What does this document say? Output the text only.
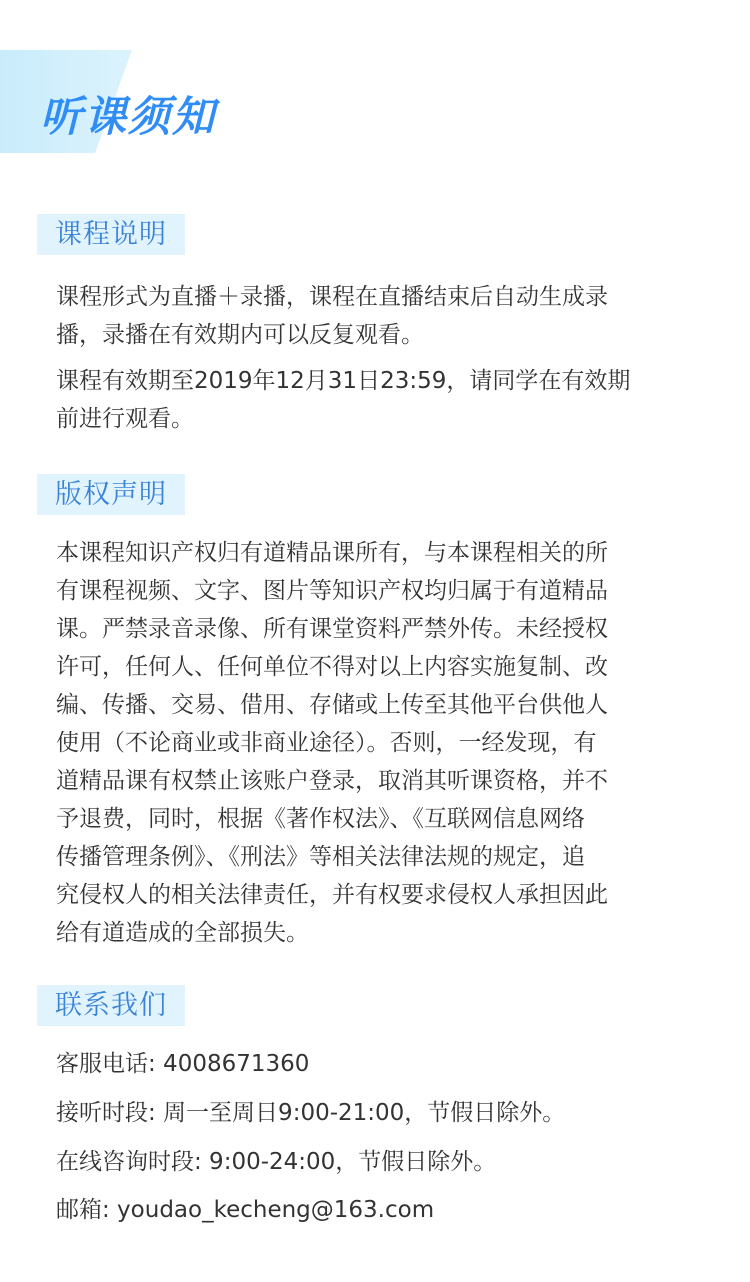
听课须知
课程说明

课程形式为直播＋录播，课程在直播结束后自动生成录
播，录播在有效期内可以反复观看。

课程有效期至2019年12月31日23:59，请同学在有效期
前进行观看。

版权声明

本课程知识产权归有道精品课所有，与本课程相关的所
有课程视频、文字、图片等知识产权均归属于有道精品
课。严禁录音录像、所有课堂资料严禁外传。未经授权
许可，任何人、任何单位不得对以上内容实施复制、改
编、传播、交易、借用、存储或上传至其他平台供他人
使用（不论商业或非商业途径）。否则，一经发现，有
道精品课有权禁止该账户登录，取消其听课资格，并不
予退费，同时，根据《著作权法》、《互联网信息网络
传播管理条例》、《刑法》等相关法律法规的规定，追
究侵权人的相关法律责任，并有权要求侵权人承担因此
给有道造成的全部损失。

联系我们

客服电话: 4008671360

接听时段: 周一至周日9:00-21:00，节假日除外。

在线咨询时段: 9:00-24:00，节假日除外。

邮箱: youdao_kecheng@163.com
